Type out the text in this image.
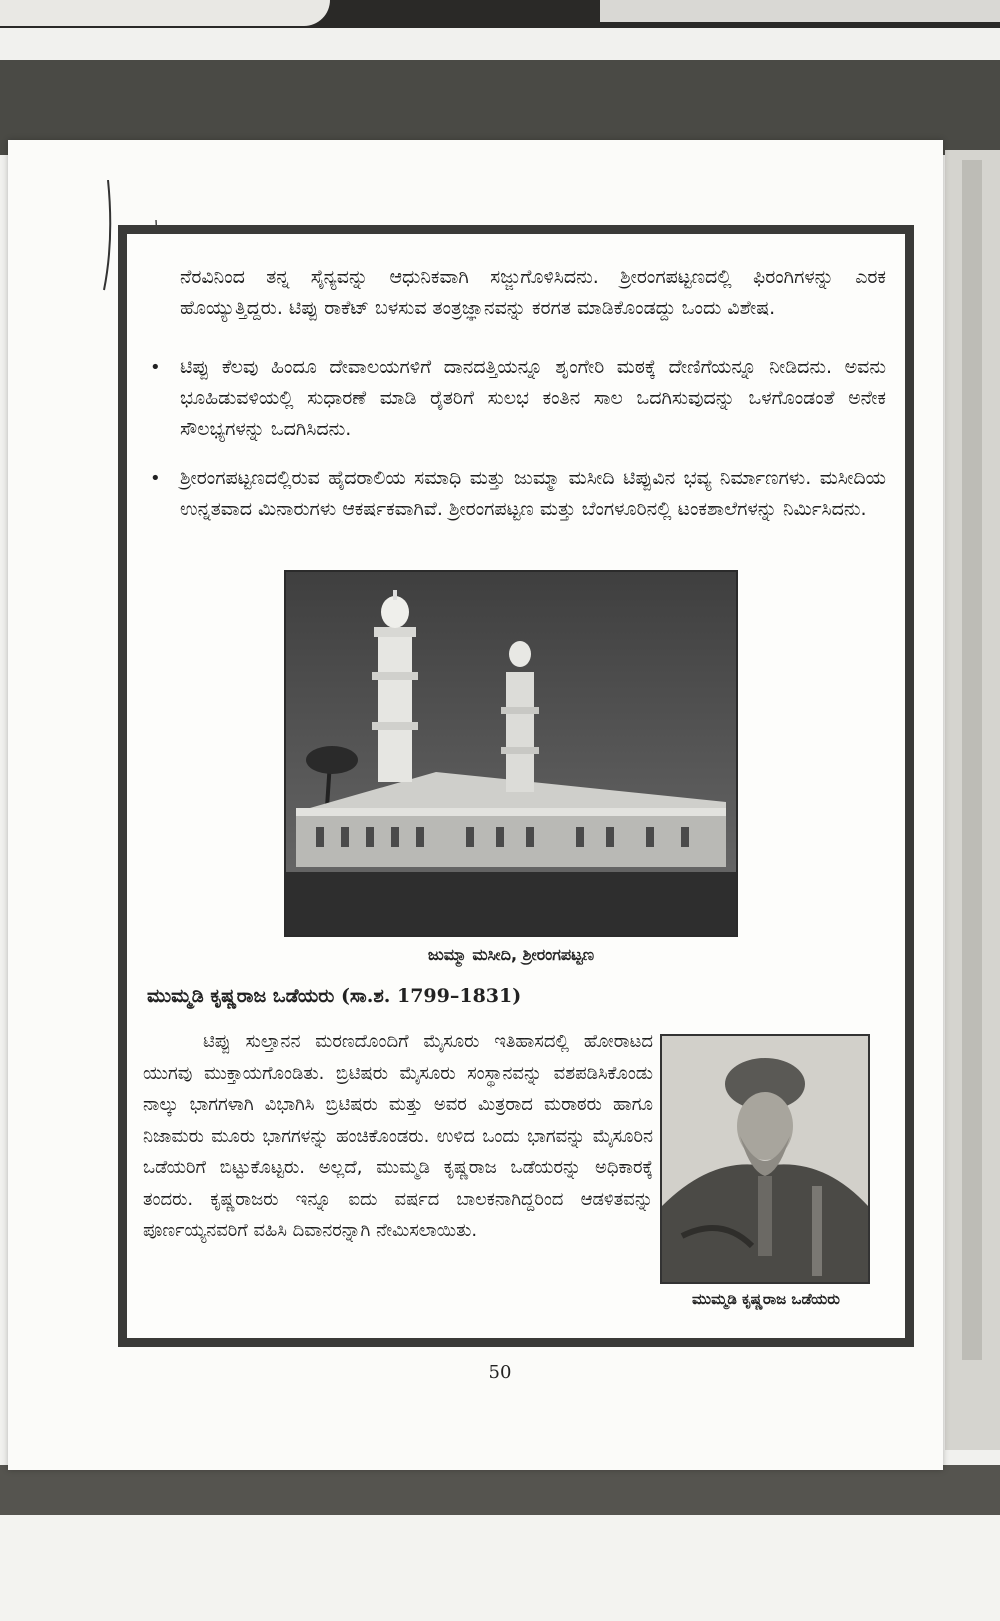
ನೆರವಿನಿಂದ ತನ್ನ ಸೈನ್ಯವನ್ನು ಆಧುನಿಕವಾಗಿ ಸಜ್ಜುಗೊಳಿಸಿದನು. ಶ್ರೀರಂಗಪಟ್ಟಣದಲ್ಲಿ ಫಿರಂಗಿಗಳನ್ನು ಎರಕ ಹೊಯ್ಯುತ್ತಿದ್ದರು. ಟಿಪ್ಪು ರಾಕೆಟ್ ಬಳಸುವ ತಂತ್ರಜ್ಞಾನವನ್ನು ಕರಗತ ಮಾಡಿಕೊಂಡದ್ದು ಒಂದು ವಿಶೇಷ.

• ಟಿಪ್ಪು ಕೆಲವು ಹಿಂದೂ ದೇವಾಲಯಗಳಿಗೆ ದಾನದತ್ತಿಯನ್ನೂ ಶೃಂಗೇರಿ ಮಠಕ್ಕೆ ದೇಣಿಗೆಯನ್ನೂ ನೀಡಿದನು. ಅವನು ಭೂಹಿಡುವಳಿಯಲ್ಲಿ ಸುಧಾರಣೆ ಮಾಡಿ ರೈತರಿಗೆ ಸುಲಭ ಕಂತಿನ ಸಾಲ ಒದಗಿಸುವುದನ್ನು ಒಳಗೊಂಡಂತೆ ಅನೇಕ ಸೌಲಭ್ಯಗಳನ್ನು ಒದಗಿಸಿದನು.

• ಶ್ರೀರಂಗಪಟ್ಟಣದಲ್ಲಿರುವ ಹೈದರಾಲಿಯ ಸಮಾಧಿ ಮತ್ತು ಜುಮ್ಮಾ ಮಸೀದಿ ಟಿಪ್ಪುವಿನ ಭವ್ಯ ನಿರ್ಮಾಣಗಳು. ಮಸೀದಿಯ ಉನ್ನತವಾದ ಮಿನಾರುಗಳು ಆಕರ್ಷಕವಾಗಿವೆ. ಶ್ರೀರಂಗಪಟ್ಟಣ ಮತ್ತು ಬೆಂಗಳೂರಿನಲ್ಲಿ ಟಂಕಶಾಲೆಗಳನ್ನು ನಿರ್ಮಿಸಿದನು.

ಜುಮ್ಮಾ ಮಸೀದಿ, ಶ್ರೀರಂಗಪಟ್ಟಣ
ಮುಮ್ಮಡಿ ಕೃಷ್ಣರಾಜ ಒಡೆಯರು (ಸಾ.ಶ. 1799–1831)

ಟಿಪ್ಪು ಸುಲ್ತಾನನ ಮರಣದೊಂದಿಗೆ ಮೈಸೂರು ಇತಿಹಾಸದಲ್ಲಿ ಹೋರಾಟದ ಯುಗವು ಮುಕ್ತಾಯಗೊಂಡಿತು. ಬ್ರಿಟಿಷರು ಮೈಸೂರು ಸಂಸ್ಥಾನವನ್ನು ವಶಪಡಿಸಿಕೊಂಡು ನಾಲ್ಕು ಭಾಗಗಳಾಗಿ ವಿಭಾಗಿಸಿ ಬ್ರಿಟಿಷರು ಮತ್ತು ಅವರ ಮಿತ್ರರಾದ ಮರಾಠರು ಹಾಗೂ ನಿಜಾಮರು ಮೂರು ಭಾಗಗಳನ್ನು ಹಂಚಿಕೊಂಡರು. ಉಳಿದ ಒಂದು ಭಾಗವನ್ನು ಮೈಸೂರಿನ ಒಡೆಯರಿಗೆ ಬಿಟ್ಟುಕೊಟ್ಟರು. ಅಲ್ಲದೆ, ಮುಮ್ಮಡಿ ಕೃಷ್ಣರಾಜ ಒಡೆಯರನ್ನು ಅಧಿಕಾರಕ್ಕೆ ತಂದರು. ಕೃಷ್ಣರಾಜರು ಇನ್ನೂ ಐದು ವರ್ಷದ ಬಾಲಕನಾಗಿದ್ದರಿಂದ ಆಡಳಿತವನ್ನು ಪೂರ್ಣಯ್ಯನವರಿಗೆ ವಹಿಸಿ ದಿವಾನರನ್ನಾಗಿ ನೇಮಿಸಲಾಯಿತು.

ಮುಮ್ಮಡಿ ಕೃಷ್ಣರಾಜ ಒಡೆಯರು
50
